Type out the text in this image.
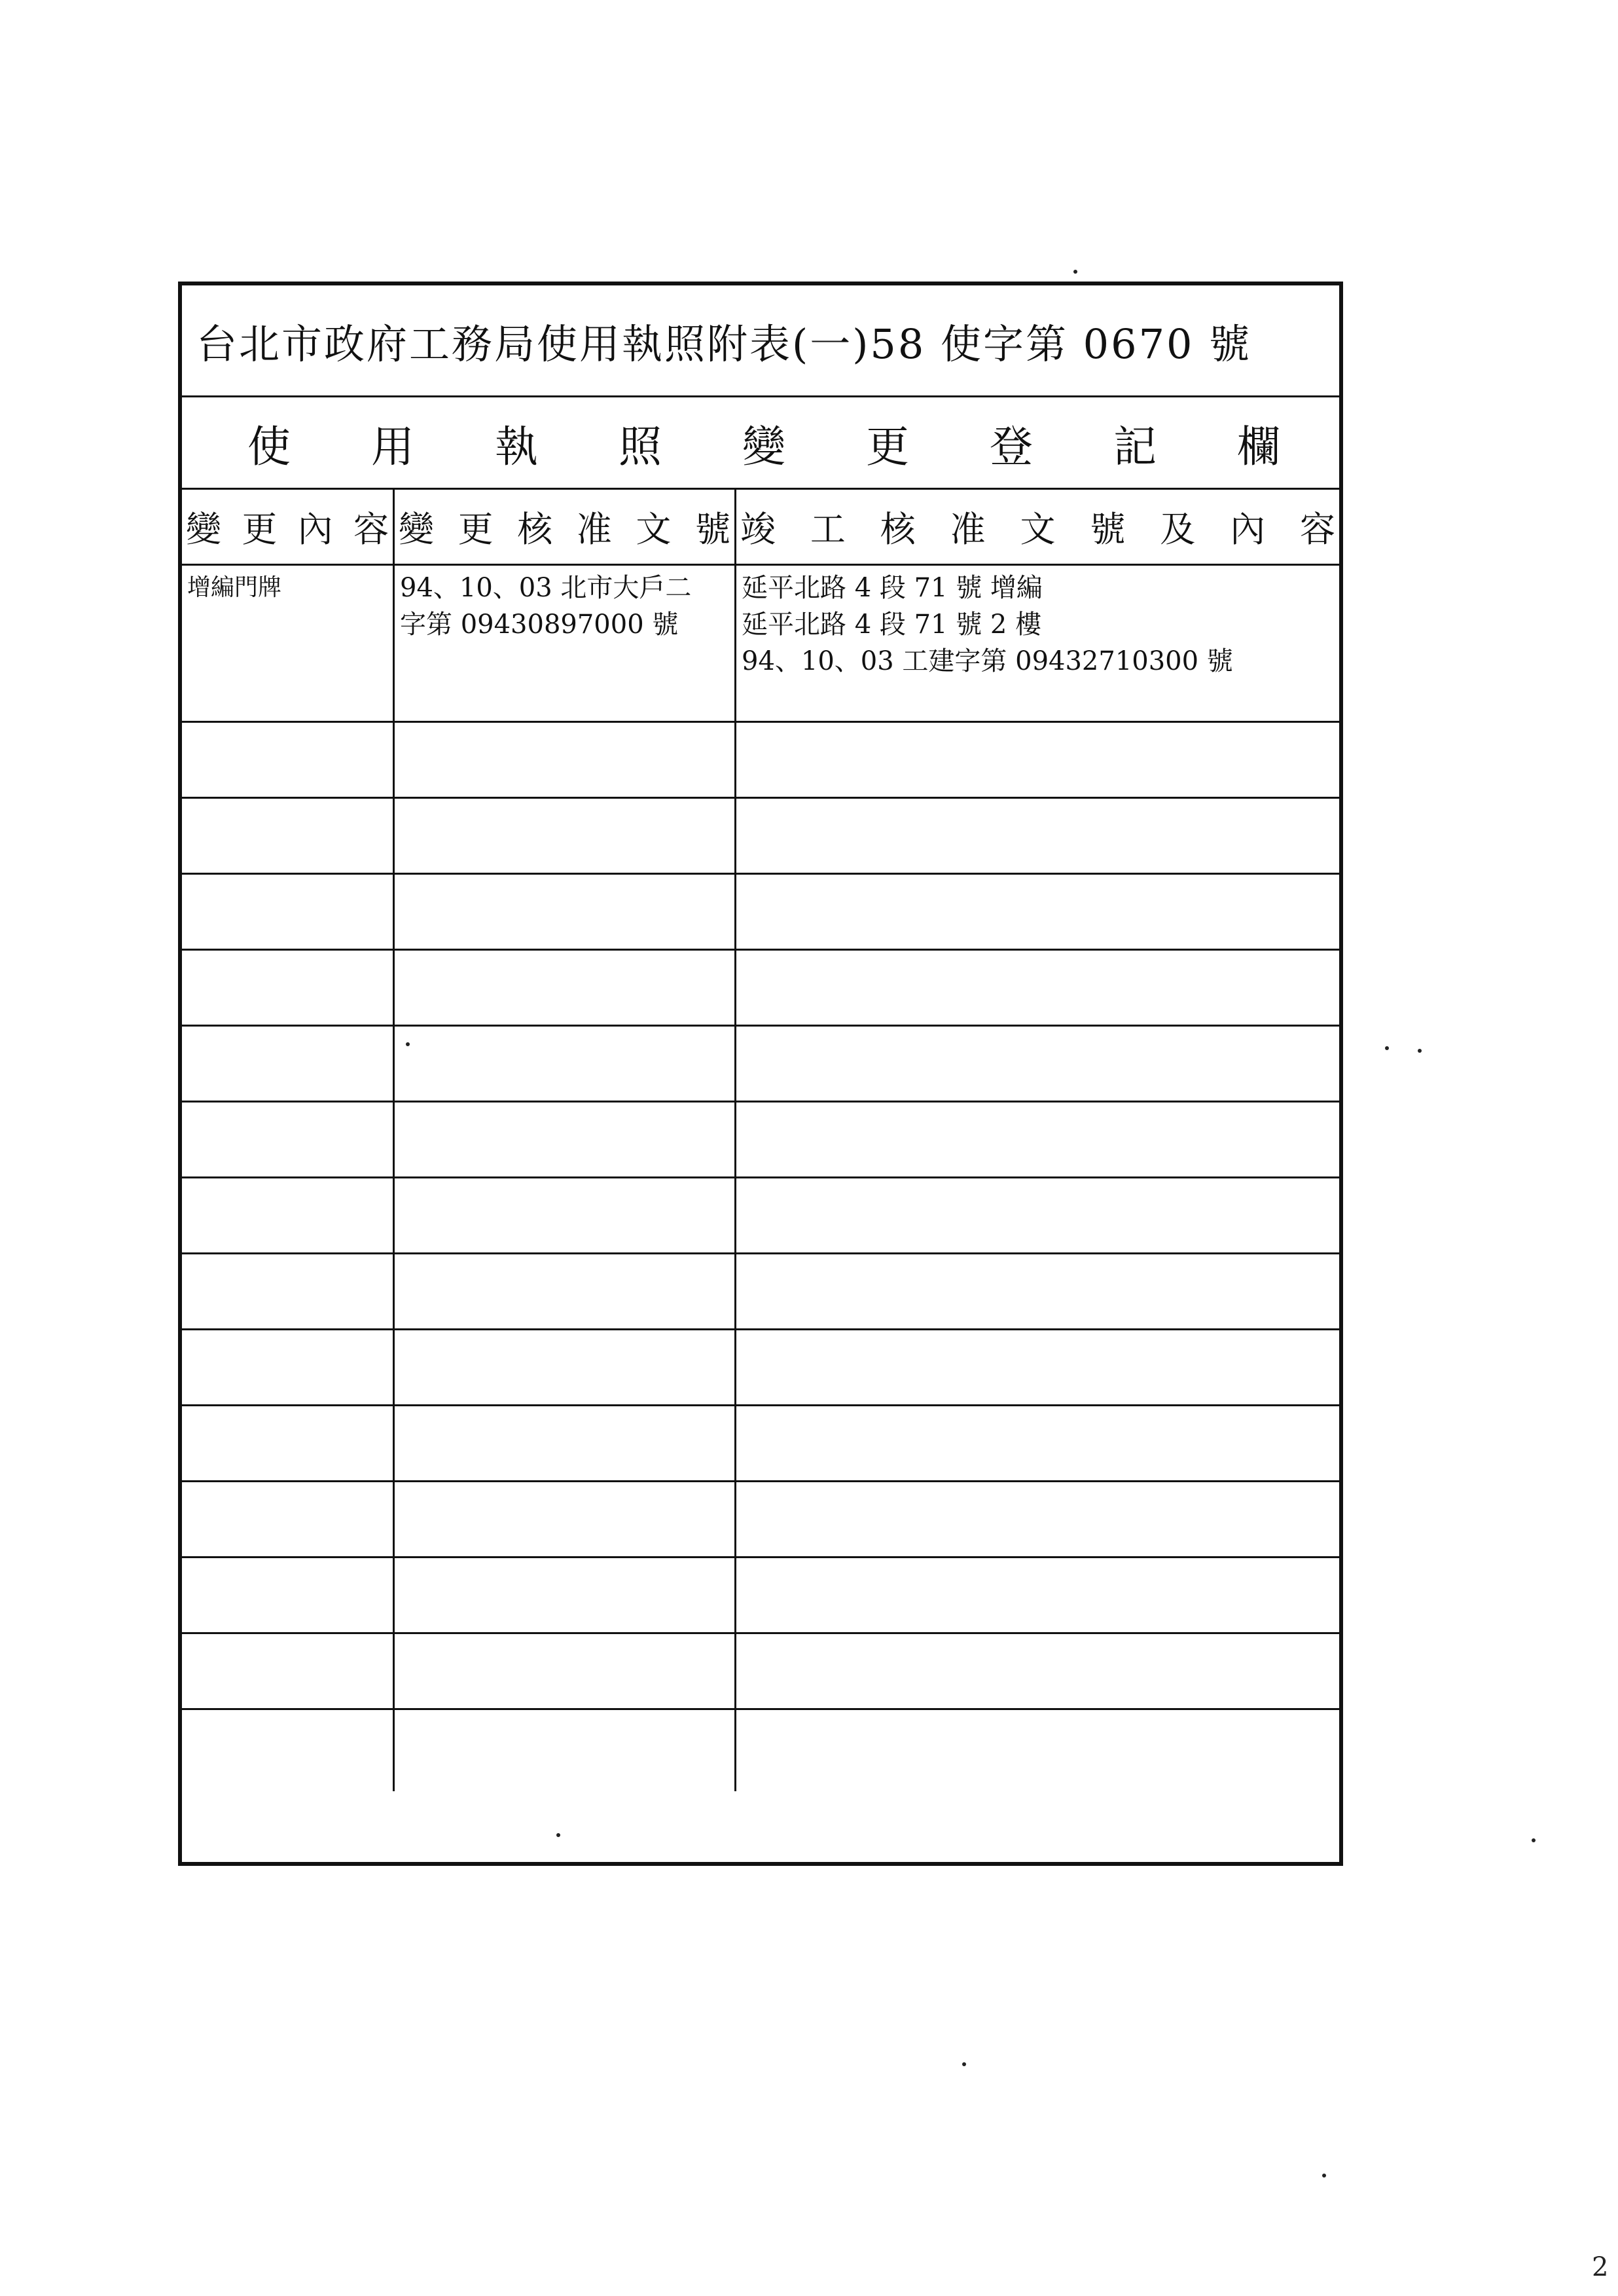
台北市政府工務局使用執照附表(一)58 使字第 0670 號
使 用 執 照 變 更 登 記 欄
變 更 內 容 變 更 核 准 文 號 竣 工 核 准 文 號 及 內 容
增編門牌	94、10、03 北市大戶二
字第 09430897000 號
延平北路 4 段 71 號 增編
延平北路 4 段 71 號 2 樓
94、10、03 工建字第 09432710300 號
2
